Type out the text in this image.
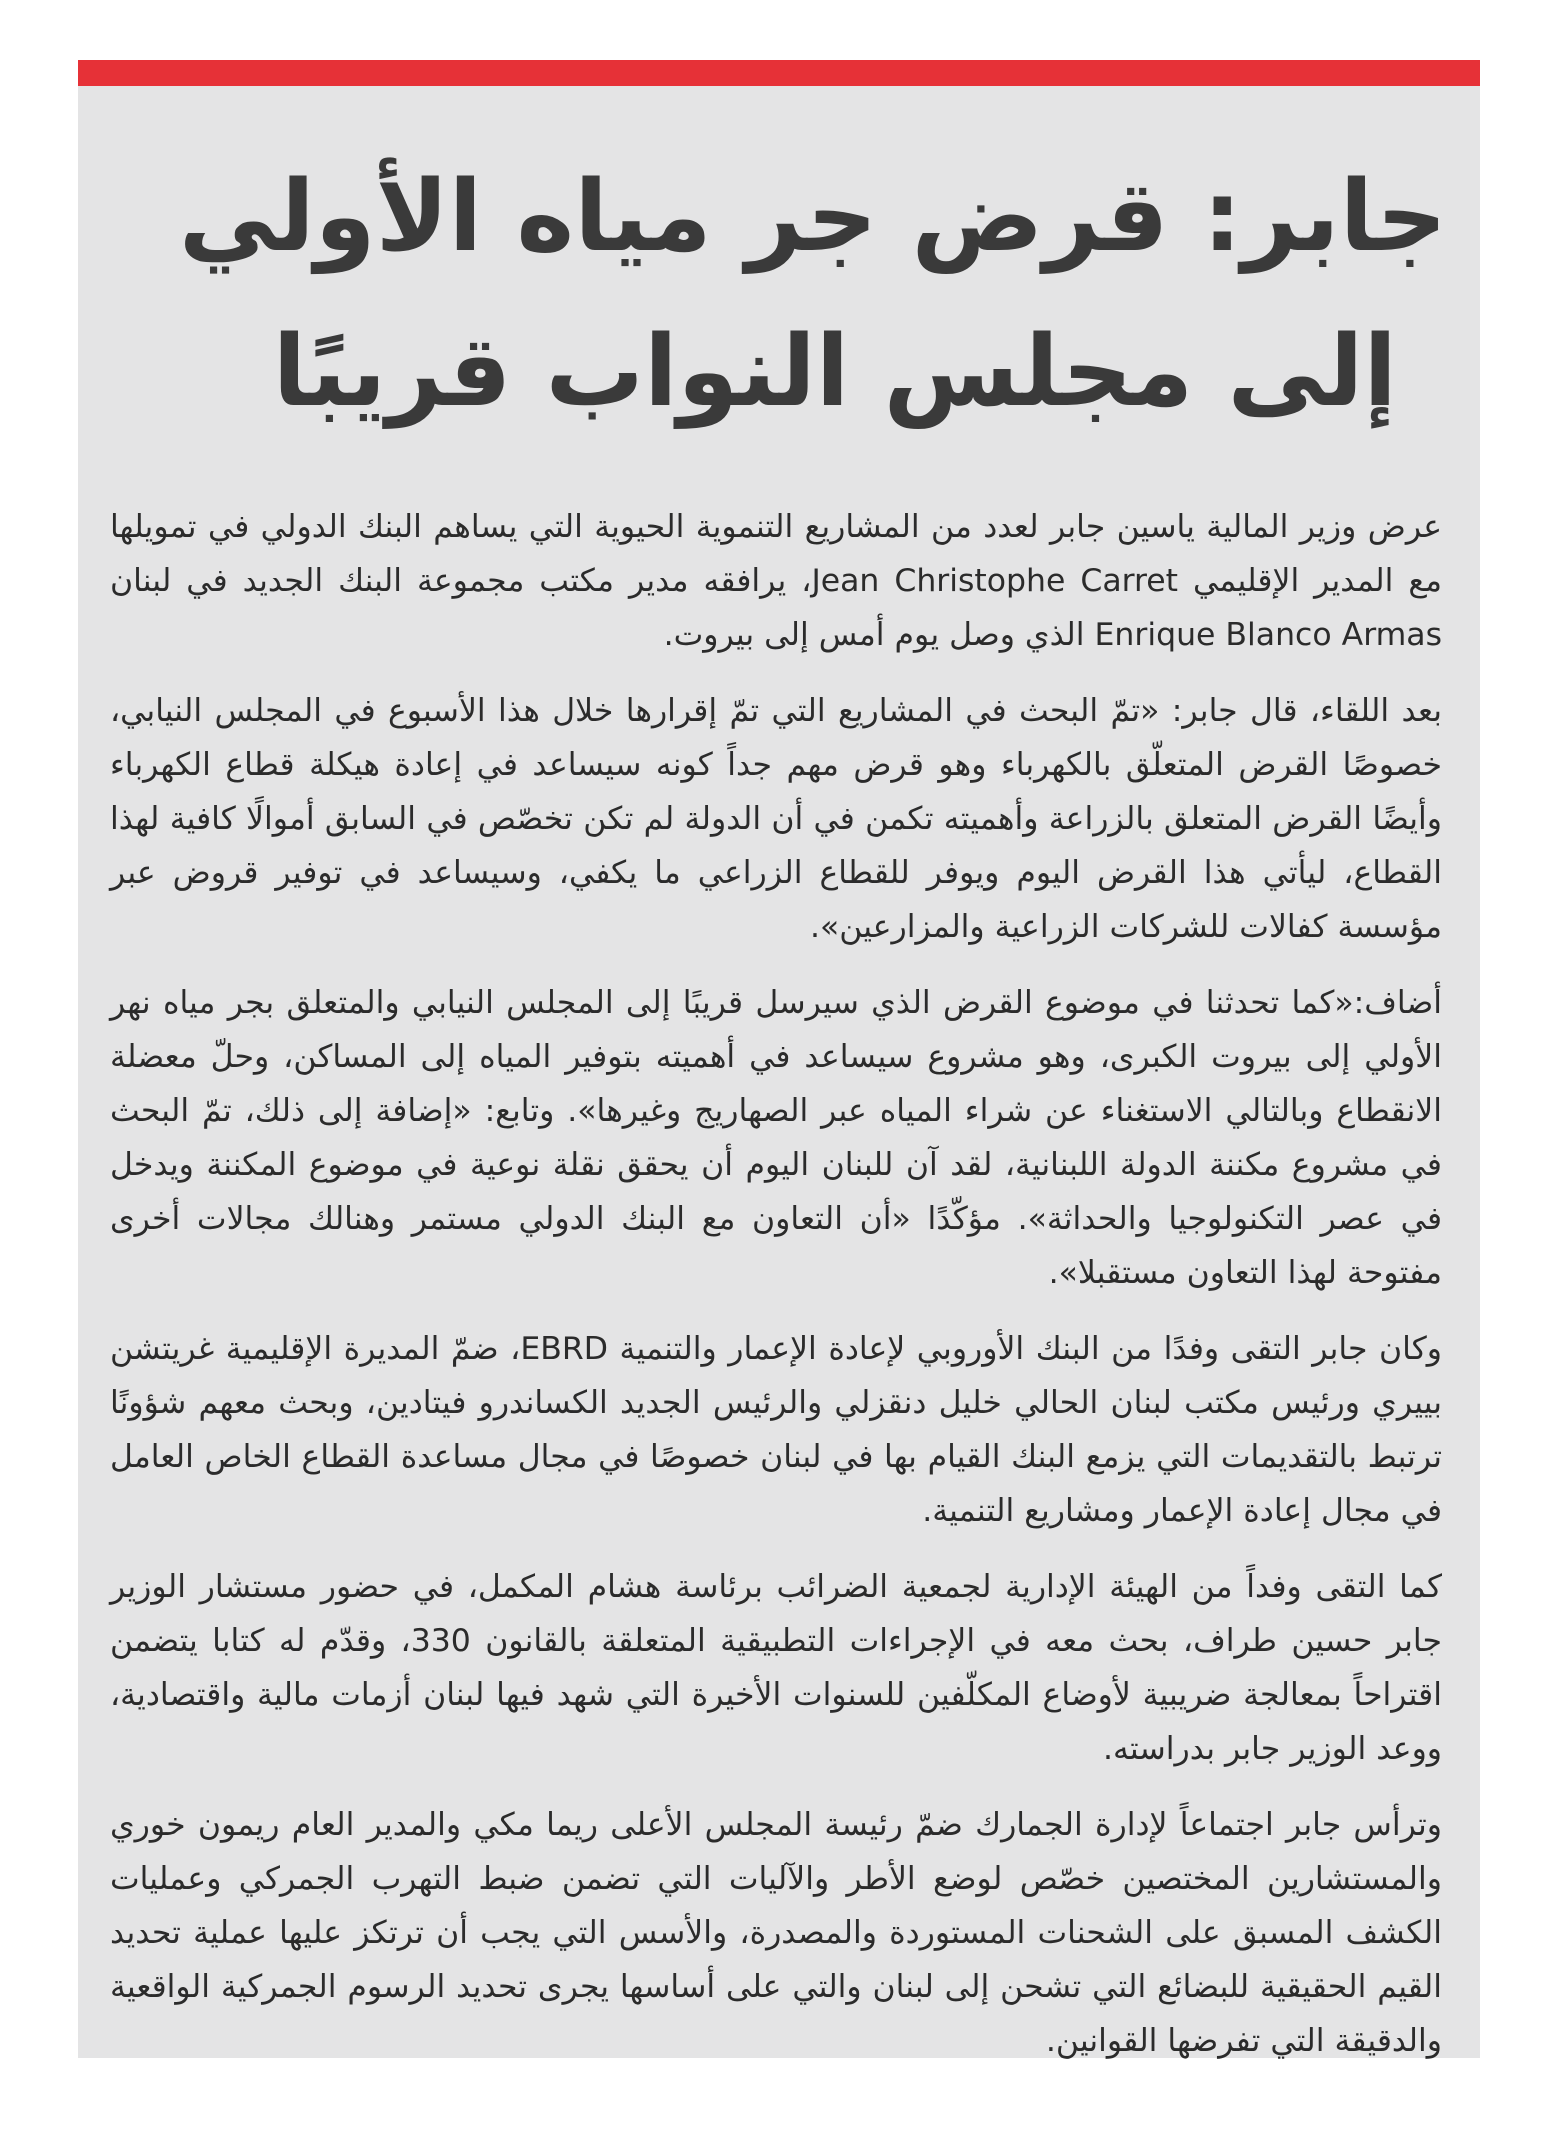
جابر: قرض جر مياه الأولي
إلى مجلس النواب قريبًا

عرض وزير المالية ياسين جابر لعدد من المشاريع التنموية الحيوية التي يساهم البنك الدولي في تمويلها مع المدير الإقليمي Jean Christophe Carret، يرافقه مدير مكتب مجموعة البنك الجديد في لبنان Enrique Blanco Armas الذي وصل يوم أمس إلى بيروت.

بعد اللقاء، قال جابر: «تمّ البحث في المشاريع التي تمّ إقرارها خلال هذا الأسبوع في المجلس النيابي، خصوصًا القرض المتعلّق بالكهرباء وهو قرض مهم جداً كونه سيساعد في إعادة هيكلة قطاع الكهرباء وأيضًا القرض المتعلق بالزراعة وأهميته تكمن في أن الدولة لم تكن تخصّص في السابق أموالًا كافية لهذا القطاع، ليأتي هذا القرض اليوم ويوفر للقطاع الزراعي ما يكفي، وسيساعد في توفير قروض عبر مؤسسة كفالات للشركات الزراعية والمزارعين».

أضاف:«كما تحدثنا في موضوع القرض الذي سيرسل قريبًا إلى المجلس النيابي والمتعلق بجر مياه نهر الأولي إلى بيروت الكبرى، وهو مشروع سيساعد في أهميته بتوفير المياه إلى المساكن، وحلّ معضلة الانقطاع وبالتالي الاستغناء عن شراء المياه عبر الصهاريج وغيرها». وتابع: «إضافة إلى ذلك، تمّ البحث في مشروع مكننة الدولة اللبنانية، لقد آن للبنان اليوم أن يحقق نقلة نوعية في موضوع المكننة ويدخل في عصر التكنولوجيا والحداثة». مؤكّدًا «أن التعاون مع البنك الدولي مستمر وهنالك مجالات أخرى مفتوحة لهذا التعاون مستقبلا».

وكان جابر التقى وفدًا من البنك الأوروبي لإعادة الإعمار والتنمية EBRD، ضمّ المديرة الإقليمية غريتشن بييري ورئيس مكتب لبنان الحالي خليل دنقزلي والرئيس الجديد الكساندرو فيتادين، وبحث معهم شؤونًا ترتبط بالتقديمات التي يزمع البنك القيام بها في لبنان خصوصًا في مجال مساعدة القطاع الخاص العامل في مجال إعادة الإعمار ومشاريع التنمية.

كما التقى وفداً من الهيئة الإدارية لجمعية الضرائب برئاسة هشام المكمل، في حضور مستشار الوزير جابر حسين طراف، بحث معه في الإجراءات التطبيقية المتعلقة بالقانون 330، وقدّم له كتابا يتضمن اقتراحاً بمعالجة ضريبية لأوضاع المكلّفين للسنوات الأخيرة التي شهد فيها لبنان أزمات مالية واقتصادية، ووعد الوزير جابر بدراسته.

وترأس جابر اجتماعاً لإدارة الجمارك ضمّ رئيسة المجلس الأعلى ريما مكي والمدير العام ريمون خوري والمستشارين المختصين خصّص لوضع الأطر والآليات التي تضمن ضبط التهرب الجمركي وعمليات الكشف المسبق على الشحنات المستوردة والمصدرة، والأسس التي يجب أن ترتكز عليها عملية تحديد القيم الحقيقية للبضائع التي تشحن إلى لبنان والتي على أساسها يجرى تحديد الرسوم الجمركية الواقعية والدقيقة التي تفرضها القوانين.
